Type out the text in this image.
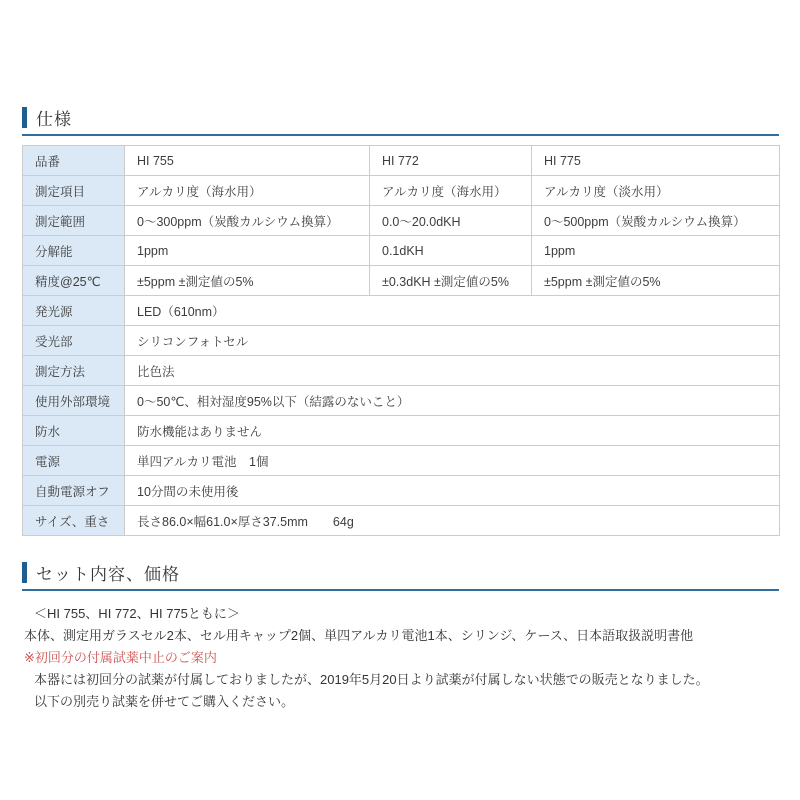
仕様
品番	HI 755	HI 772	HI 775
測定項目	アルカリ度（海水用）	アルカリ度（海水用）	アルカリ度（淡水用）
測定範囲	0～300ppm（炭酸カルシウム換算）	0.0～20.0dKH	0～500ppm（炭酸カルシウム換算）
分解能	1ppm	0.1dKH	1ppm
精度@25℃	±5ppm ±測定値の5%	±0.3dKH ±測定値の5%	±5ppm ±測定値の5%
発光源	LED（610nm）		
受光部	シリコンフォトセル		
測定方法	比色法		
使用外部環境	0～50℃、相対湿度95%以下（結露のないこと）		
防水	防水機能はありません		
電源	単四アルカリ電池　1個		
自動電源オフ	10分間の未使用後		
サイズ、重さ	長さ86.0×幅61.0×厚さ37.5mm　　64g		
セット内容、価格
＜HI 755、HI 772、HI 775ともに＞
本体、測定用ガラスセル2本、セル用キャップ2個、単四アルカリ電池1本、シリンジ、ケース、日本語取扱説明書他
※初回分の付属試薬中止のご案内
本器には初回分の試薬が付属しておりましたが、2019年5月20日より試薬が付属しない状態での販売となりました。
以下の別売り試薬を併せてご購入ください。
